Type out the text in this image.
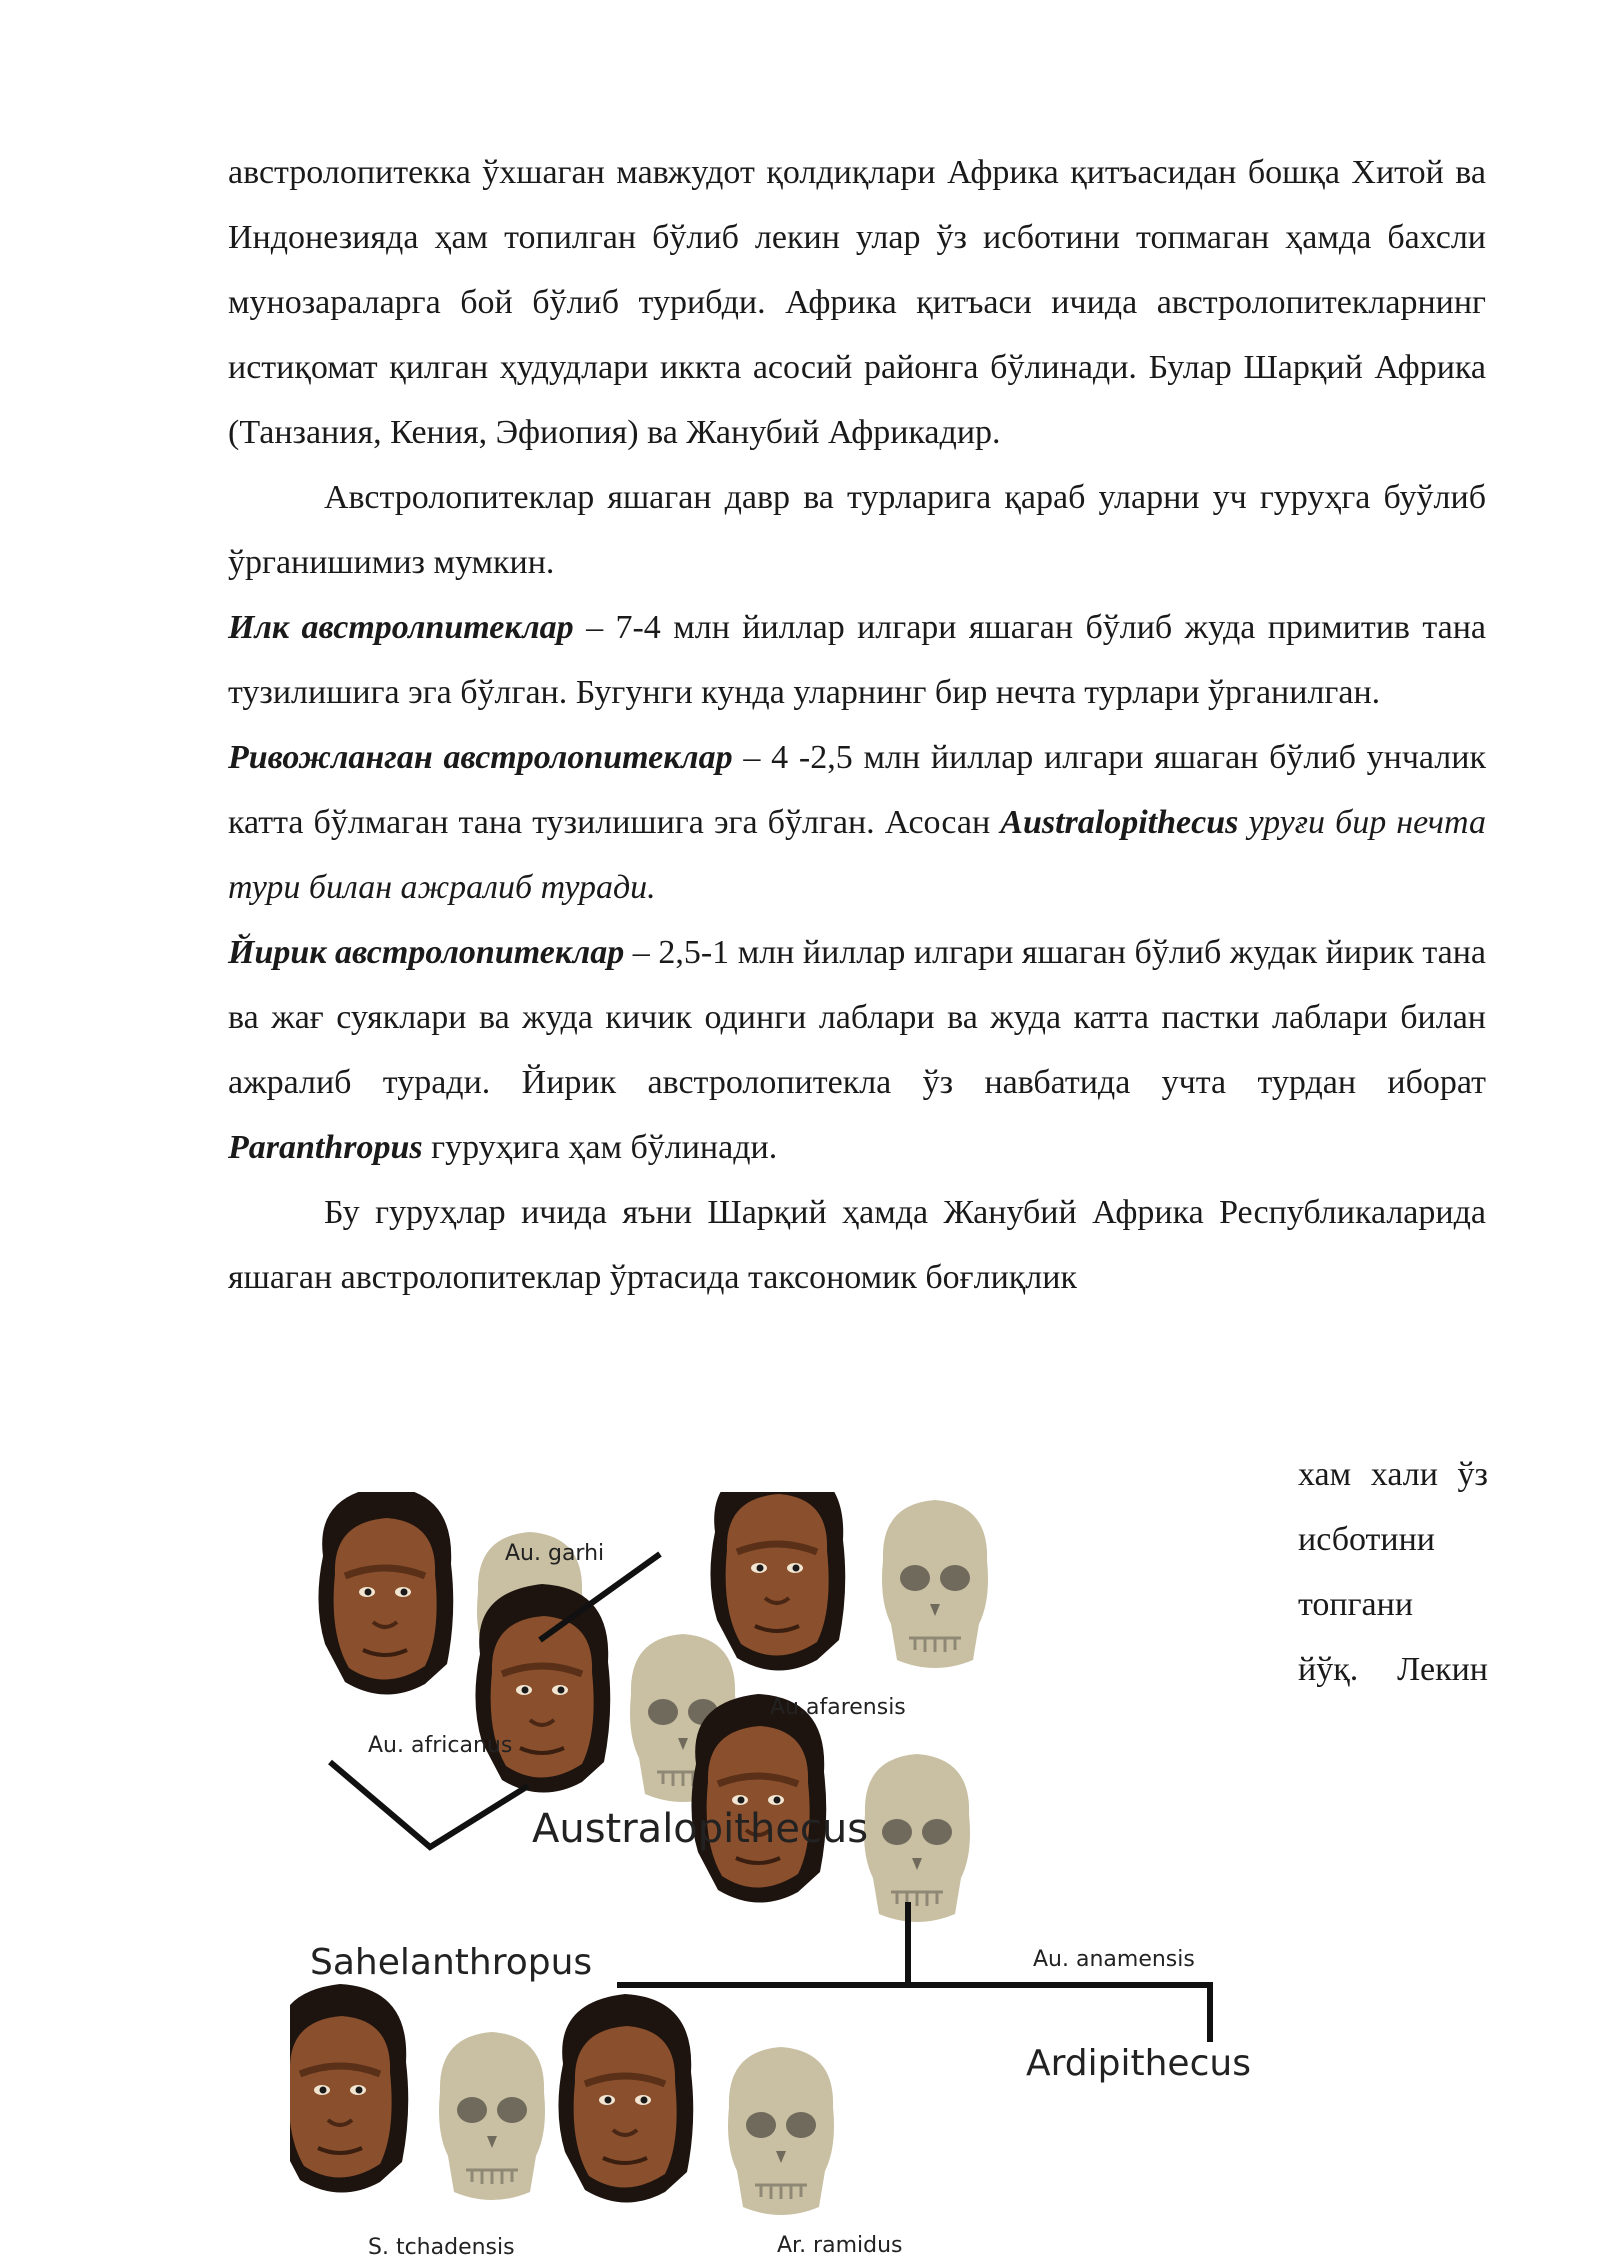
австролопитекка ўхшаган мавжудот қолдиқлари Африка қитъасидан бошқа Хитой ва Индонезияда ҳам топилган бўлиб лекин улар ўз исботини топмаган ҳамда бахсли мунозараларга бой бўлиб турибди. Африка қитъаси ичида австролопитекларнинг истиқомат қилган ҳудудлари иккта асосий районга бўлинади. Булар Шарқий Африка (Танзания, Кения, Эфиопия) ва Жанубий Африкадир.

Австролопитеклар яшаган давр ва турларига қараб уларни уч гуруҳга буўлиб ўрганишимиз мумкин.

Илк австролпитеклар – 7-4 млн йиллар илгари яшаган бўлиб жуда примитив тана тузилишига эга бўлган. Бугунги кунда уларнинг бир нечта турлари ўрганилган.

Ривожланган австролопитеклар – 4 -2,5 млн йиллар илгари яшаган бўлиб унчалик катта бўлмаган тана тузилишига эга бўлган. Асосан Australopithecus уруғи бир нечта тури билан ажралиб туради.

Йирик австролопитеклар – 2,5-1 млн йиллар илгари яшаган бўлиб жудак йирик тана ва жағ суяклари ва жуда кичик одинги лаблари ва жуда катта пастки лаблари билан ажралиб туради. Йирик австролопитекла ўз навбатида учта турдан иборат Paranthropus гуруҳига ҳам бўлинади.

Бу гуруҳлар ичида яъни Шарқий ҳамда Жанубий Африка Республикаларида яшаган австролопитеклар ўртасида таксономик боғлиқлик

хам хали ўз
исботини
топгани
йўқ. Лекин
Au. garhi
Au. africanus
Au.afarensis
Australopithecus
Au. anamensis
Sahelanthropus
Ardipithecus
S. tchadensis	Ar. ramidus
